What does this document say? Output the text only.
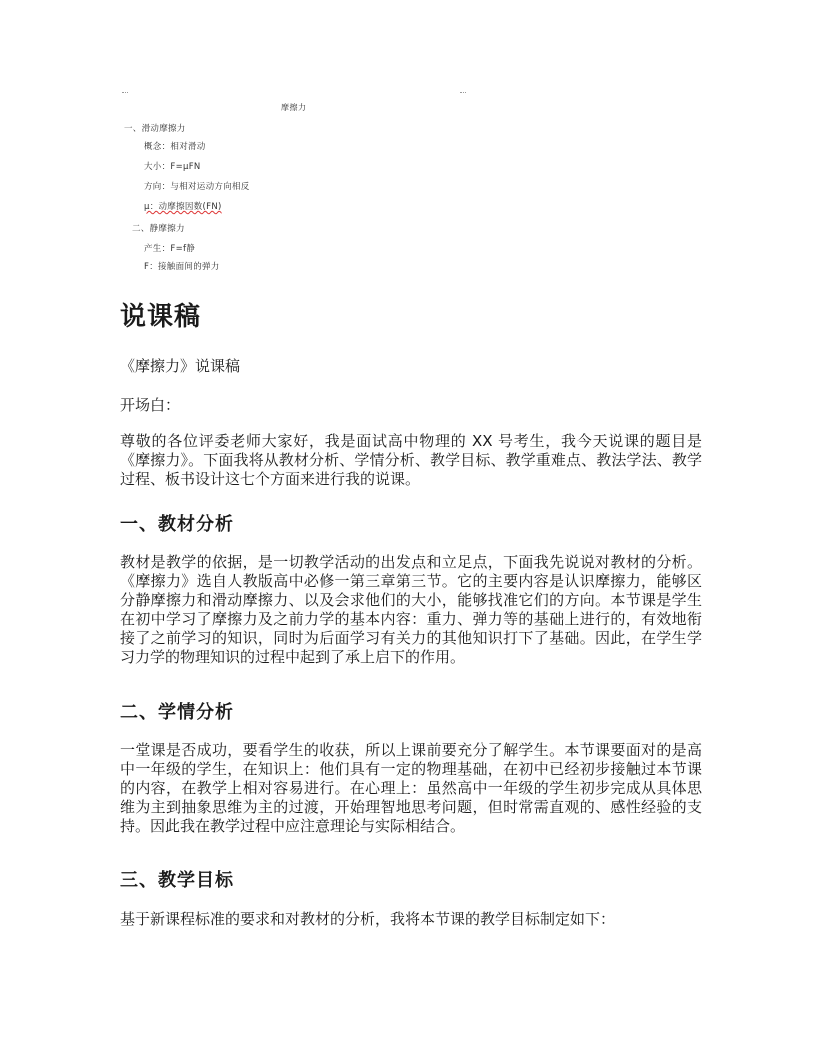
摩擦力
一、滑动摩擦力
概念：相对滑动
大小：F=μFN
方向：与相对运动方向相反
μ：动摩擦因数(FN)
二、静摩擦力
产生：F=f静
F：接触面间的弹力
说课稿

《摩擦力》说课稿

开场白：

尊敬的各位评委老师大家好，我是面试高中物理的 XX 号考生，我今天说课的题目是《摩擦力》。下面我将从教材分析、学情分析、教学目标、教学重难点、教法学法、教学过程、板书设计这七个方面来进行我的说课。

一、教材分析

教材是教学的依据，是一切教学活动的出发点和立足点，下面我先说说对教材的分析。《摩擦力》选自人教版高中必修一第三章第三节。它的主要内容是认识摩擦力，能够区分静摩擦力和滑动摩擦力、以及会求他们的大小，能够找准它们的方向。本节课是学生在初中学习了摩擦力及之前力学的基本内容：重力、弹力等的基础上进行的，有效地衔接了之前学习的知识，同时为后面学习有关力的其他知识打下了基础。因此，在学生学习力学的物理知识的过程中起到了承上启下的作用。

二、学情分析

一堂课是否成功，要看学生的收获，所以上课前要充分了解学生。本节课要面对的是高中一年级的学生，在知识上：他们具有一定的物理基础，在初中已经初步接触过本节课的内容，在教学上相对容易进行。在心理上：虽然高中一年级的学生初步完成从具体思维为主到抽象思维为主的过渡，开始理智地思考问题，但时常需直观的、感性经验的支持。因此我在教学过程中应注意理论与实际相结合。

三、教学目标

基于新课程标准的要求和对教材的分析，我将本节课的教学目标制定如下：
